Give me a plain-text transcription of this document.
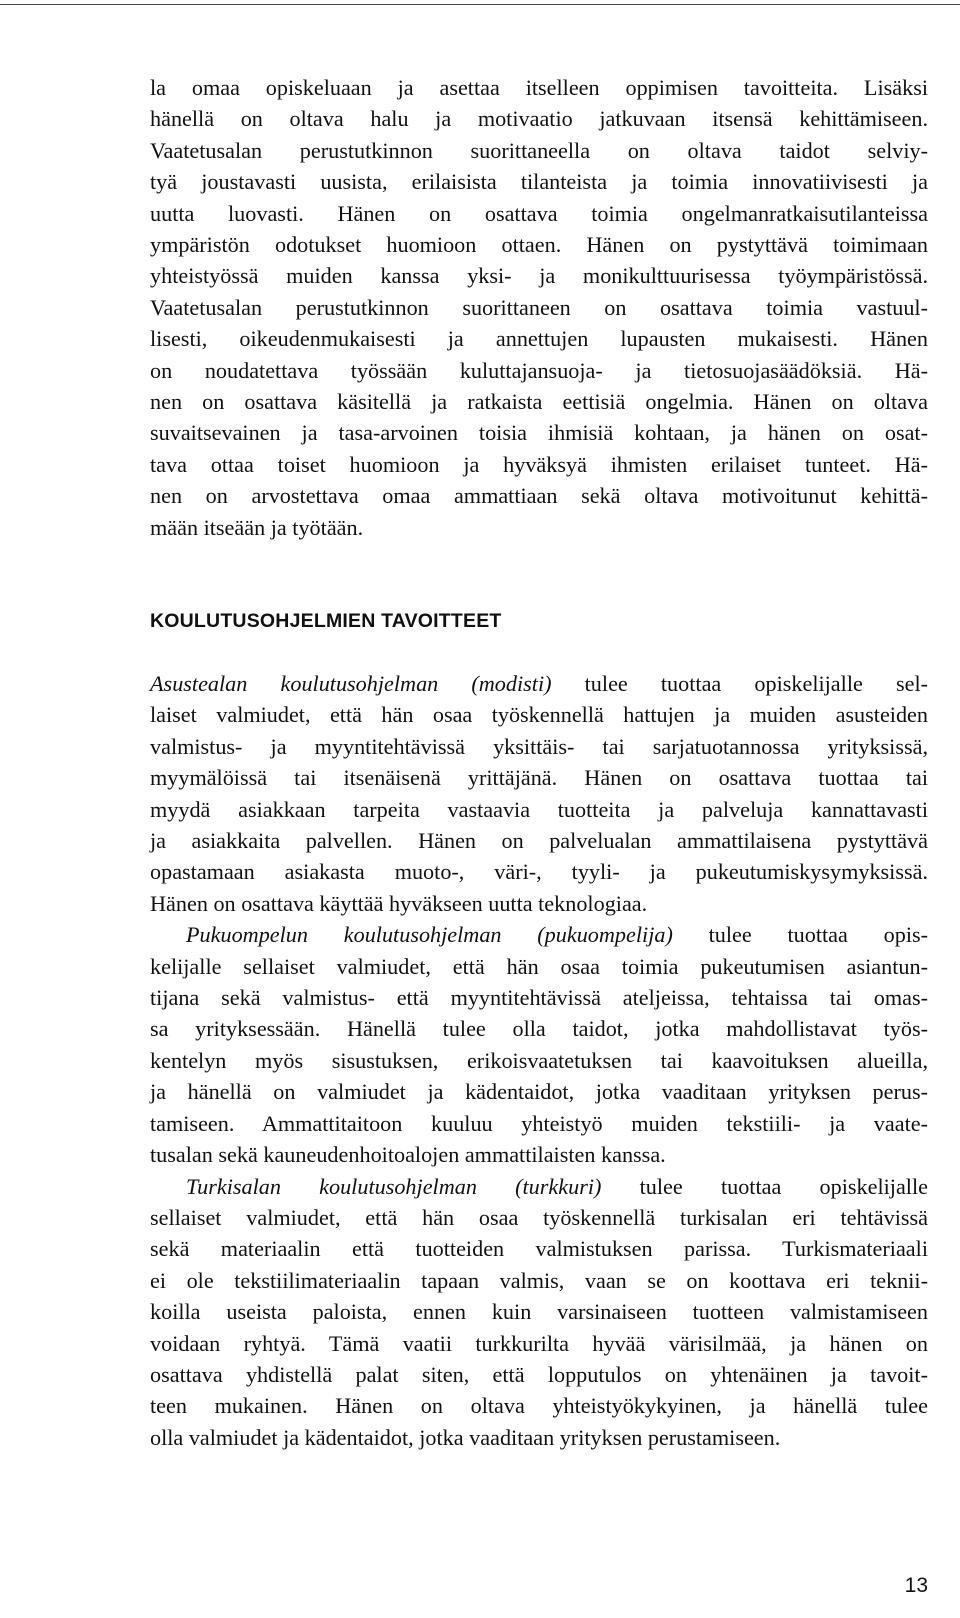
la omaa opiskeluaan ja asettaa itselleen oppimisen tavoitteita. Lisäksi
hänellä on oltava halu ja motivaatio jatkuvaan itsensä kehittämiseen.
Vaatetusalan perustutkinnon suorittaneella on oltava taidot selviy-
tyä joustavasti uusista, erilaisista tilanteista ja toimia innovatiivisesti ja
uutta luovasti. Hänen on osattava toimia ongelmanratkaisutilanteissa
ympäristön odotukset huomioon ottaen. Hänen on pystyttävä toimimaan
yhteistyössä muiden kanssa yksi- ja monikulttuurisessa työympäristössä.
Vaatetusalan perustutkinnon suorittaneen on osattava toimia vastuul-
lisesti, oikeudenmukaisesti ja annettujen lupausten mukaisesti. Hänen
on noudatettava työssään kuluttajansuoja- ja tietosuojasäädöksiä. Hä-
nen on osattava käsitellä ja ratkaista eettisiä ongelmia. Hänen on oltava
suvaitsevainen ja tasa-arvoinen toisia ihmisiä kohtaan, ja hänen on osat-
tava ottaa toiset huomioon ja hyväksyä ihmisten erilaiset tunteet. Hä-
nen on arvostettava omaa ammattiaan sekä oltava motivoitunut kehittä-
mään itseään ja työtään.

KOULUTUSOHJELMIEN TAVOITTEET

Asustealan koulutusohjelman (modisti) tulee tuottaa opiskelijalle sel-
laiset valmiudet, että hän osaa työskennellä hattujen ja muiden asusteiden
valmistus- ja myyntitehtävissä yksittäis- tai sarjatuotannossa yrityksissä,
myymälöissä tai itsenäisenä yrittäjänä. Hänen on osattava tuottaa tai
myydä asiakkaan tarpeita vastaavia tuotteita ja palveluja kannattavasti
ja asiakkaita palvellen. Hänen on palvelualan ammattilaisena pystyttävä
opastamaan asiakasta muoto-, väri-, tyyli- ja pukeutumiskysymyksissä.
Hänen on osattava käyttää hyväkseen uutta teknologiaa.

Pukuompelun koulutusohjelman (pukuompelija) tulee tuottaa opis-
kelijalle sellaiset valmiudet, että hän osaa toimia pukeutumisen asiantun-
tijana sekä valmistus- että myyntitehtävissä ateljeissa, tehtaissa tai omas-
sa yrityksessään. Hänellä tulee olla taidot, jotka mahdollistavat työs-
kentelyn myös sisustuksen, erikoisvaatetuksen tai kaavoituksen alueilla,
ja hänellä on valmiudet ja kädentaidot, jotka vaaditaan yrityksen perus-
tamiseen. Ammattitaitoon kuuluu yhteistyö muiden tekstiili- ja vaate-
tusalan sekä kauneudenhoitoalojen ammattilaisten kanssa.

Turkisalan koulutusohjelman (turkkuri) tulee tuottaa opiskelijalle
sellaiset valmiudet, että hän osaa työskennellä turkisalan eri tehtävissä
sekä materiaalin että tuotteiden valmistuksen parissa. Turkismateriaali
ei ole tekstiilimateriaalin tapaan valmis, vaan se on koottava eri teknii-
koilla useista paloista, ennen kuin varsinaiseen tuotteen valmistamiseen
voidaan ryhtyä. Tämä vaatii turkkurilta hyvää värisilmää, ja hänen on
osattava yhdistellä palat siten, että lopputulos on yhtenäinen ja tavoit-
teen mukainen. Hänen on oltava yhteistyökykyinen, ja hänellä tulee
olla valmiudet ja kädentaidot, jotka vaaditaan yrityksen perustamiseen.

13
